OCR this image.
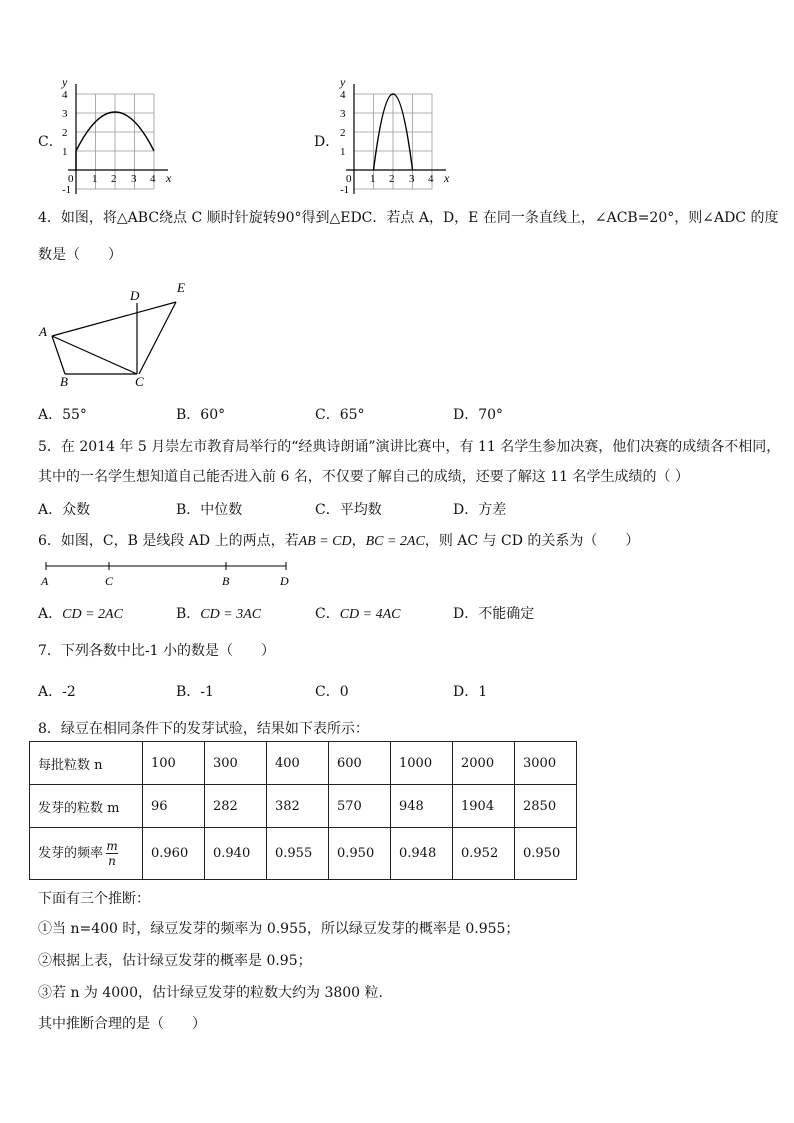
C．
y
x
4
3
2
1
-1
0 1 2 3 4
D．
y
x
4
3
2
1
-1
0 1 2 3 4
4．如图，将△ABC绕点 C 顺时针旋转90°得到△EDC．若点 A，D，E 在同一条直线上，∠ACB=20°，则∠ADC 的度
数是（　　）
A
B	C
D
E
A．55°	B．60°	C．65°	D．70°
5．在 2014 年 5 月崇左市教育局举行的“经典诗朗诵”演讲比赛中，有 11 名学生参加决赛，他们决赛的成绩各不相同，
其中的一名学生想知道自己能否进入前 6 名，不仅要了解自己的成绩，还要了解这 11 名学生成绩的（ ）
A．众数	B．中位数	C．平均数	D．方差
6．如图，C，B 是线段 AD 上的两点，若AB = CD，BC = 2AC，则 AC 与 CD 的关系为（　　）
A	C	B	D
A．CD = 2AC	B．CD = 3AC	C．CD = 4AC	D．不能确定
7．下列各数中比-1 小的数是（　　）
A．-2	B．-1	C．0	D．1
8．绿豆在相同条件下的发芽试验，结果如下表所示：
每批粒数 n	100	300	400	600	1000	2000	3000
发芽的粒数 m	96	282	382	570	948	1904	2850
发芽的频率 $\frac{m}{n}$	0.960	0.940	0.955	0.950	0.948	0.952	0.950
下面有三个推断：
①当 n=400 时，绿豆发芽的频率为 0.955，所以绿豆发芽的概率是 0.955；
②根据上表，估计绿豆发芽的概率是 0.95；
③若 n 为 4000，估计绿豆发芽的粒数大约为 3800 粒．
其中推断合理的是（　　）
